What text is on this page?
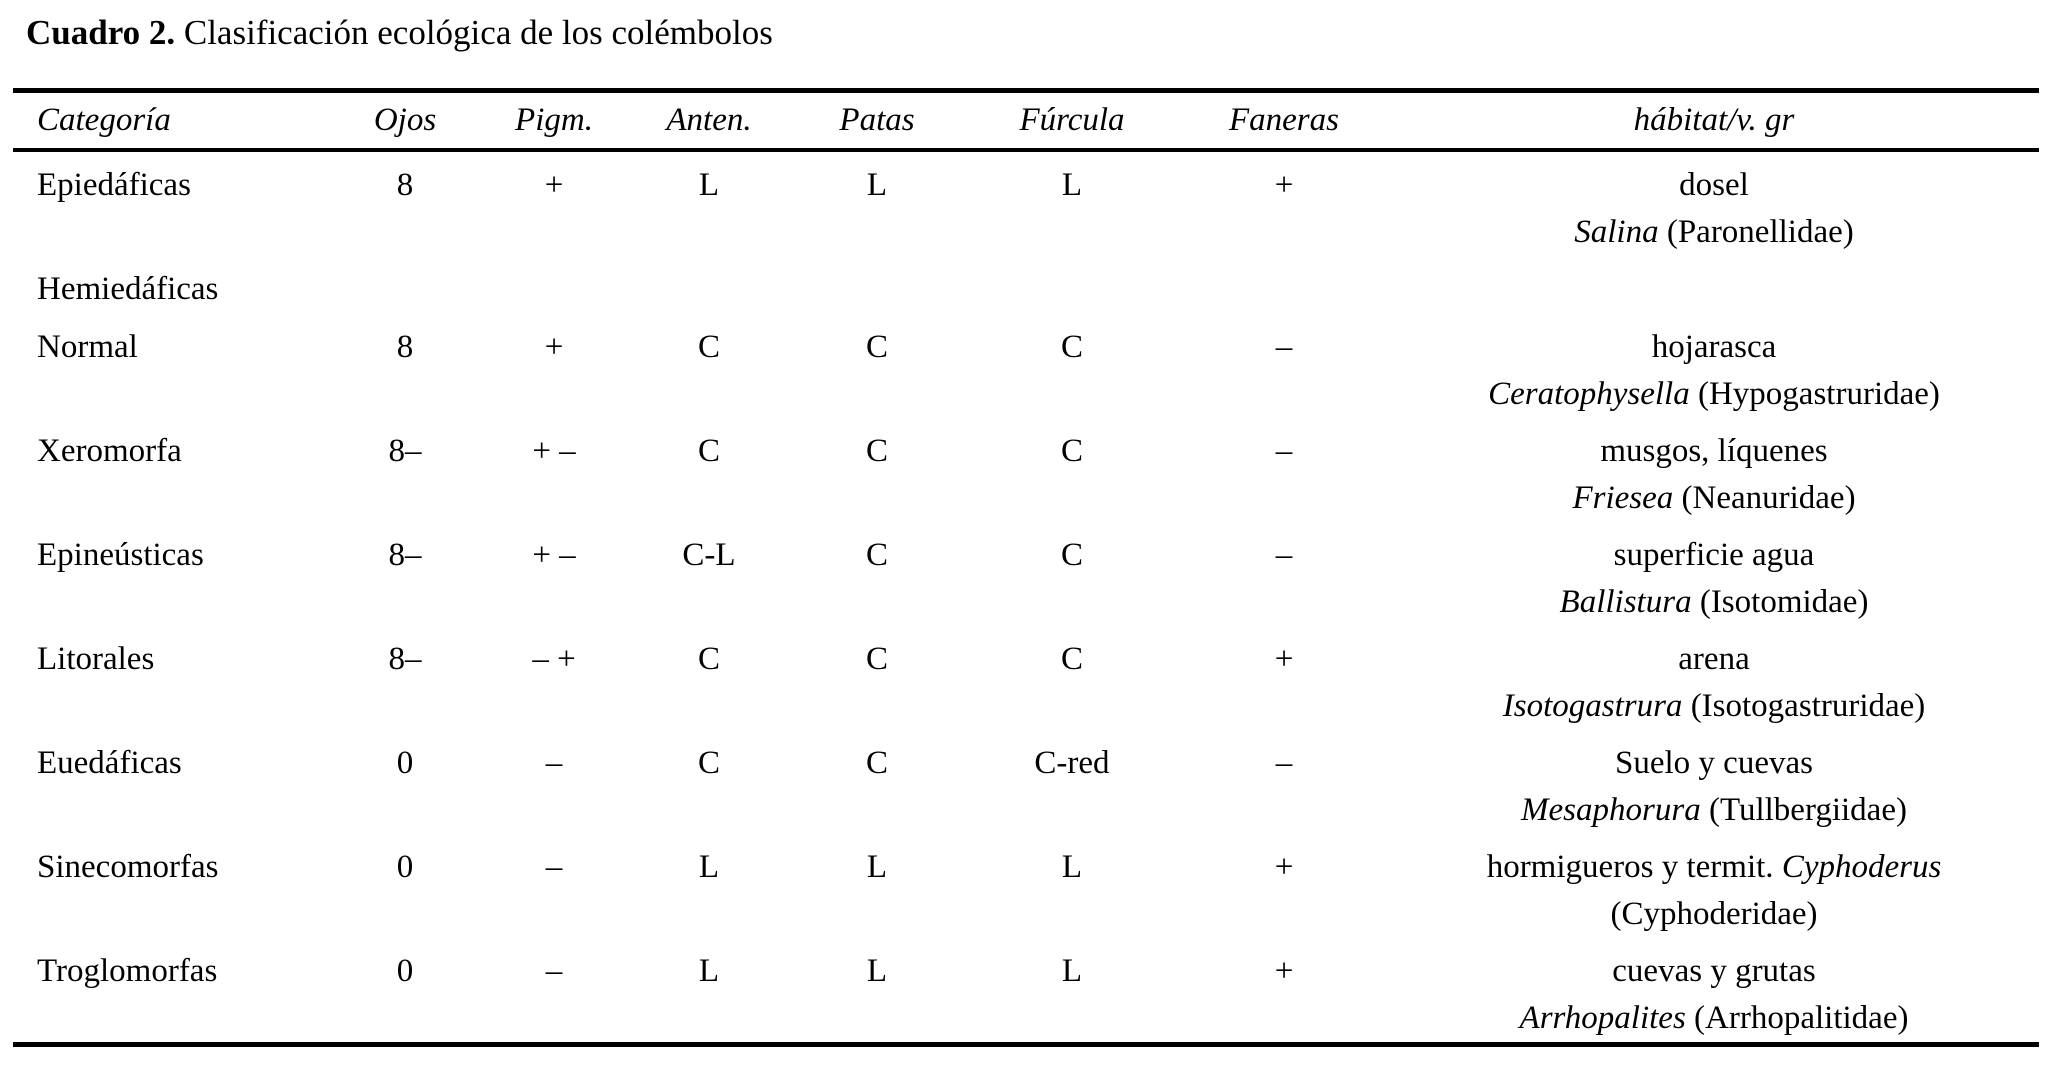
Cuadro 2. Clasificación ecológica de los colémbolos
Categoría	Ojos	Pigm.	Anten.	Patas	Fúrcula	Faneras	hábitat/v. gr
Epiedáficas	8	+	L	L	L	+	dosel
Salina (Paronellidae)

Hemiedáficas							
Normal	8	+	C	C	C	–	hojarasca
Ceratophysella (Hypogastruridae)

Xeromorfa	8–	+ –	C	C	C	–	musgos, líquenes
Friesea (Neanuridae)

Epineústicas	8–	+ –	C-L	C	C	–	superficie agua
Ballistura (Isotomidae)

Litorales	8–	– +	C	C	C	+	arena
Isotogastrura (Isotogastruridae)

Euedáficas	0	–	C	C	C-red	–	Suelo y cuevas
Mesaphorura (Tullbergiidae)

Sinecomorfas	0	–	L	L	L	+	hormigueros y termit. Cyphoderus
(Cyphoderidae)

Troglomorfas	0	–	L	L	L	+	cuevas y grutas
Arrhopalites (Arrhopalitidae)
